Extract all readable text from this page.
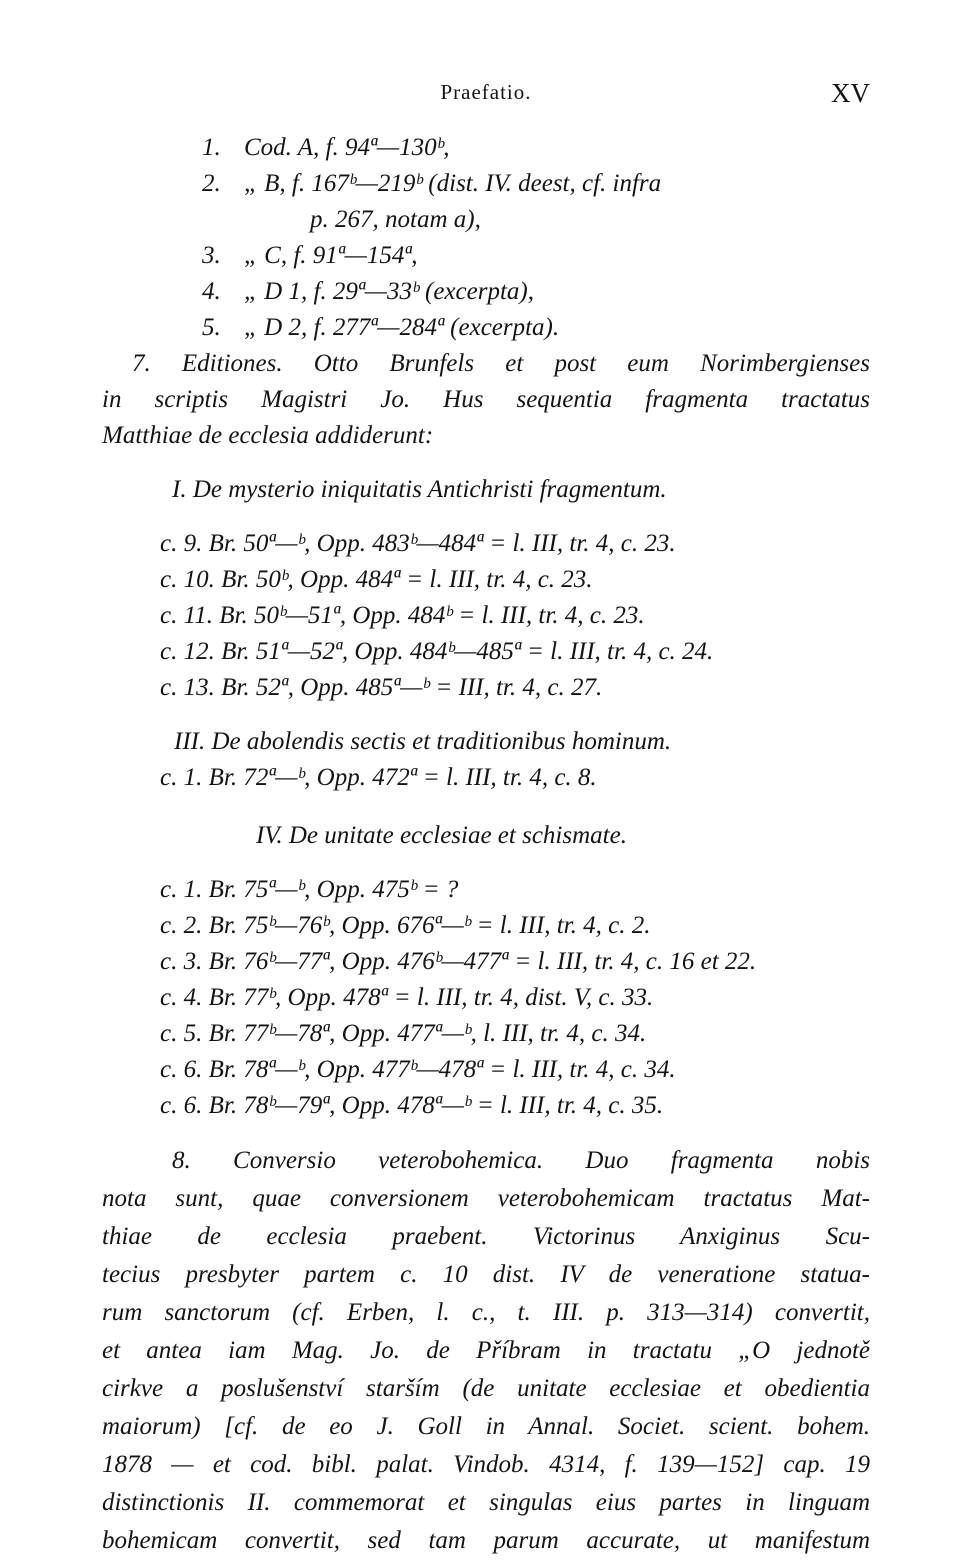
Praefatio.	XV
1. Cod. A, f. 94ª—130ᵇ,
2. „ B, f. 167ᵇ—219ᵇ (dist. IV. deest, cf. infra
p. 267, notam a),
3. „ C, f. 91ª—154ª,
4. „ D 1, f. 29ª—33ᵇ (excerpta),
5. „ D 2, f. 277ª—284ª (excerpta).
7. Editiones. Otto Brunfels et post eum Norimbergienses
in scriptis Magistri Jo. Hus sequentia fragmenta tractatus
Matthiae de ecclesia addiderunt:
I. De mysterio iniquitatis Antichristi fragmentum.
c. 9. Br. 50ª—ᵇ, Opp. 483ᵇ—484ª = l. III, tr. 4, c. 23.
c. 10. Br. 50ᵇ, Opp. 484ª = l. III, tr. 4, c. 23.
c. 11. Br. 50ᵇ—51ª, Opp. 484ᵇ = l. III, tr. 4, c. 23.
c. 12. Br. 51ª—52ª, Opp. 484ᵇ—485ª = l. III, tr. 4, c. 24.
c. 13. Br. 52ª, Opp. 485ª—ᵇ = III, tr. 4, c. 27.
III. De abolendis sectis et traditionibus hominum.
c. 1. Br. 72ª—ᵇ, Opp. 472ª = l. III, tr. 4, c. 8.
IV. De unitate ecclesiae et schismate.
c. 1. Br. 75ª—ᵇ, Opp. 475ᵇ = ?
c. 2. Br. 75ᵇ—76ᵇ, Opp. 676ª—ᵇ = l. III, tr. 4, c. 2.
c. 3. Br. 76ᵇ—77ª, Opp. 476ᵇ—477ª = l. III, tr. 4, c. 16 et 22.
c. 4. Br. 77ᵇ, Opp. 478ª = l. III, tr. 4, dist. V, c. 33.
c. 5. Br. 77ᵇ—78ª, Opp. 477ª—ᵇ, l. III, tr. 4, c. 34.
c. 6. Br. 78ª—ᵇ, Opp. 477ᵇ—478ª = l. III, tr. 4, c. 34.
c. 6. Br. 78ᵇ—79ª, Opp. 478ª—ᵇ = l. III, tr. 4, c. 35.
8. Conversio veterobohemica. Duo fragmenta nobis
nota sunt, quae conversionem veterobohemicam tractatus Mat-
thiae de ecclesia praebent. Victorinus Anxiginus Scu-
tecius presbyter partem c. 10 dist. IV de veneratione statua-
rum sanctorum (cf. Erben, l. c., t. III. p. 313—314) convertit,
et antea iam Mag. Jo. de Příbram in tractatu „O jednotě
cirkve a poslušenství starším (de unitate ecclesiae et obedientia
maiorum) [cf. de eo J. Goll in Annal. Societ. scient. bohem.
1878 — et cod. bibl. palat. Vindob. 4314, f. 139—152] cap. 19
distinctionis II. commemorat et singulas eius partes in linguam
bohemicam convertit, sed tam parum accurate, ut manifestum
